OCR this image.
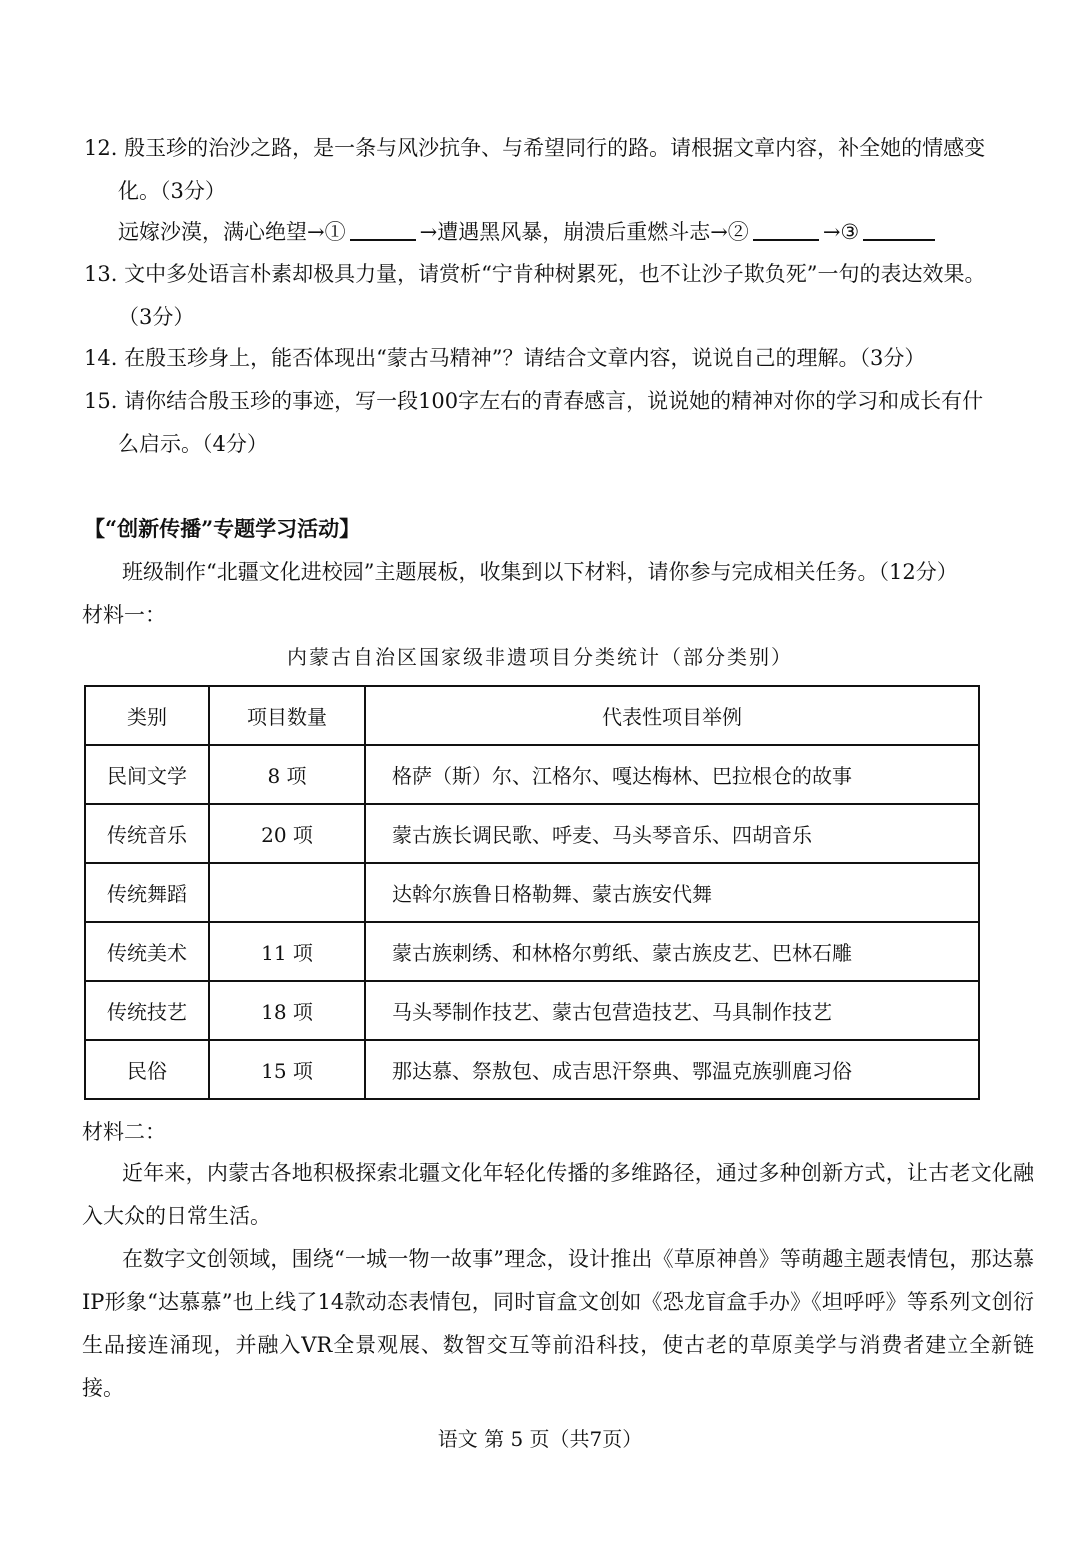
12. 殷玉珍的治沙之路，是一条与风沙抗争、与希望同行的路。请根据文章内容，补全她的情感变
化。（3分）
远嫁沙漠，满心绝望→①	→遭遇黑风暴，崩溃后重燃斗志→②	→③
13. 文中多处语言朴素却极具力量，请赏析“宁肯种树累死，也不让沙子欺负死”一句的表达效果。
（3分）
14. 在殷玉珍身上，能否体现出“蒙古马精神”？请结合文章内容，说说自己的理解。（3分）
15. 请你结合殷玉珍的事迹，写一段100字左右的青春感言，说说她的精神对你的学习和成长有什
么启示。（4分）
【“创新传播”专题学习活动】
班级制作“北疆文化进校园”主题展板，收集到以下材料，请你参与完成相关任务。（12分）
材料一：
内蒙古自治区国家级非遗项目分类统计（部分类别）
类别	项目数量	代表性项目举例
民间文学	8 项	格萨（斯）尔、江格尔、嘎达梅林、巴拉根仓的故事
传统音乐	20 项	蒙古族长调民歌、呼麦、马头琴音乐、四胡音乐
传统舞蹈		达斡尔族鲁日格勒舞、蒙古族安代舞
传统美术	11 项	蒙古族刺绣、和林格尔剪纸、蒙古族皮艺、巴林石雕
传统技艺	18 项	马头琴制作技艺、蒙古包营造技艺、马具制作技艺
民俗	15 项	那达慕、祭敖包、成吉思汗祭典、鄂温克族驯鹿习俗
材料二：
近年来，内蒙古各地积极探索北疆文化年轻化传播的多维路径，通过多种创新方式，让古老文化融入大众的日常生活。
在数字文创领域，围绕“一城一物一故事”理念，设计推出《草原神兽》等萌趣主题表情包，那达慕IP形象“达慕慕”也上线了14款动态表情包，同时盲盒文创如《恐龙盲盒手办》《坦呼呼》等系列文创衍生品接连涌现，并融入VR全景观展、数智交互等前沿科技，使古老的草原美学与消费者建立全新链接。
语文 第 5 页（共7页）
